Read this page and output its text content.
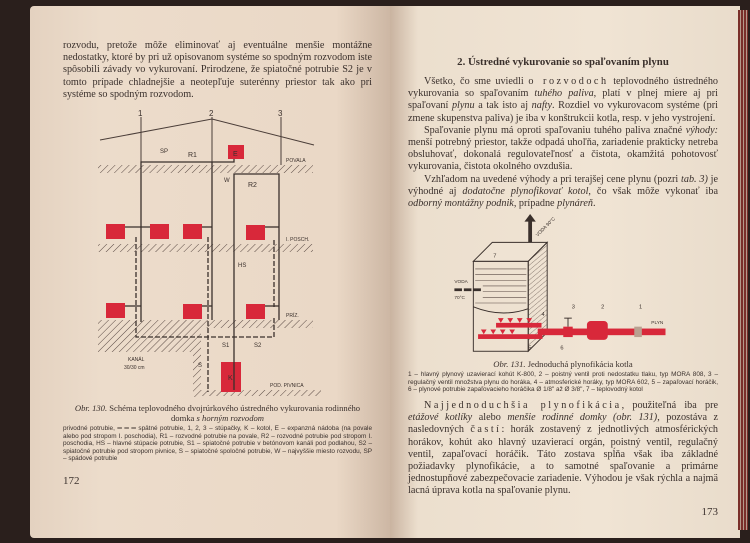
rozvodu, pretože môže eliminovať aj eventuálne menšie montážne nedostatky, ktoré by pri už opisovanom systéme so spodným rozvodom iste spôsobili závady vo vykurovaní. Prirodzene, že spiatočné potrubie S2 je v tomto prípade chladnejšie a neotepľuje suterénny priestor tak ako pri systéme so spodným rozvodom.

1	2	3
E
K
R1
R2
SP
HS
S
S1	S2
W
POVALA
I. POSCH.
PRÍZ.
KANÁL
30/30 cm
POD. PIVNICA

Obr. 130. Schéma teplovodného dvojrúrkového ústredného vykurovania rodinného domka s horným rozvodom

privodné potrubie, ═ ═ ═ spätné potrubie, 1, 2, 3 – stúpačky, K – kotol, E – expanzná nádoba (na povale alebo pod stropom I. poschodia), R1 – rozvodné potrubie na povale, R2 – rozvodné potrubie pod stropom I. poschodia, HS – hlavné stúpacie potrubie, S1 – spiatočné potrubie v betónovom kanáli pod podlahou, S2 – spiatočné potrubie pod stropom pivnice, S – spiatočné spoločné potrubie, W – najvyššie miesto rozvodu, SP – spádové potrubie

172
2. Ústredné vykurovanie so spaľovaním plynu

Všetko, čo sme uviedli o rozvodoch teplovodného ústredného vykurovania so spaľovaním tuhého paliva, platí v plnej miere aj pri spaľovaní plynu a tak isto aj nafty. Rozdiel vo vykurovacom systéme (pri zmene skupenstva paliva) je iba v konštrukcii kotla, resp. v jeho vystrojení.

Spaľovanie plynu má oproti spaľovaniu tuhého paliva značné výhody: menší potrebný priestor, takže odpadá uhoľňa, zariadenie prakticky netreba obsluhovať, dokonalá regulovateľnosť a čistota, okamžitá pohotovosť vykurovania, čistota okolného ovzdušia.

Vzhľadom na uvedené výhody a pri terajšej cene plynu (pozri tab. 3) je výhodné aj dodatočne plynofikovať kotol, čo však môže vykonať iba odborný montážny podnik, prípadne plynáreň.

VODA 90°C
7
VODA
70°C
4
5	6
3	2	1
PLYN

Obr. 131. Jednoduchá plynofikácia kotla

1 – hlavný plynový uzavierací kohút K-800, 2 – poistný ventil proti nedostatku tlaku, typ MORA 808, 3 – regulačný ventil množstva plynu do horáka, 4 – atmosferické horáky, typ MORA 602, 5 – zapaľovací horáčik, 6 – plynové potrubie zapaľovacieho horáčika Ø 1/8" až Ø 3/8", 7 – teplovodný kotol

Najjednoduchšia plynofikácia, použiteľná iba pre etážové kotlíky alebo menšie rodinné domky (obr. 131), pozostáva z nasledovných častí: horák zostavený z jednotlivých atmosférických horákov, kohút ako hlavný uzavierací orgán, poistný ventil, regulačný ventil, zapaľovací horáčik. Táto zostava spĺňa však iba základné požiadavky plynofikácie, a to samotné spaľovanie a primárne jednostupňové zabezpečovacie zariadenie. Výhodou je však rýchla a najmä lacná úprava kotla na spaľovanie plynu.

173
